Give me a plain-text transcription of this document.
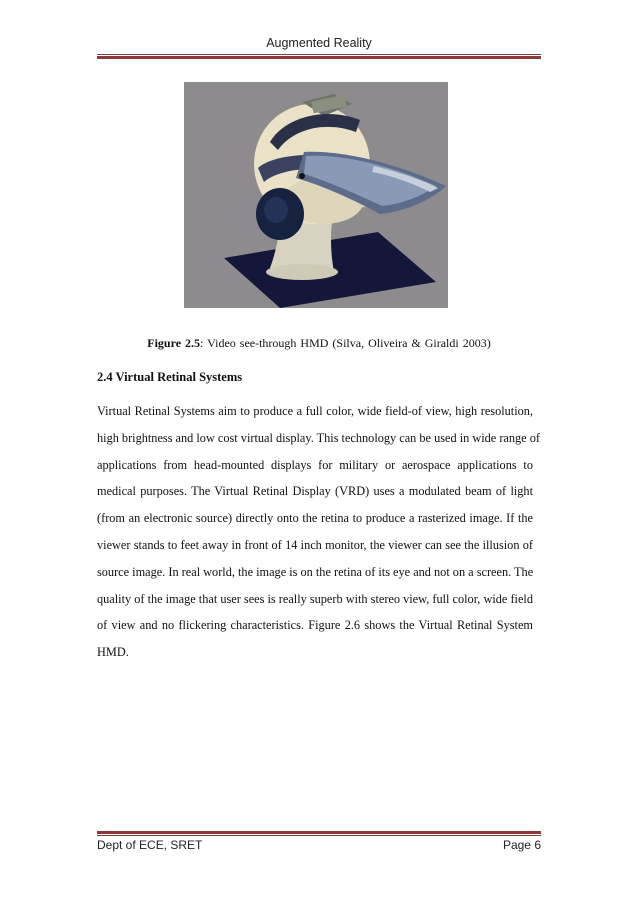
Augmented Reality
Figure 2.5: Video see-through HMD (Silva, Oliveira & Giraldi 2003)
2.4 Virtual Retinal Systems
Virtual Retinal Systems aim to produce a full color, wide field-of view, high resolution,
high brightness and low cost virtual display. This technology can be used in wide range of
applications from head-mounted displays for military or aerospace applications to
medical purposes. The Virtual Retinal Display (VRD) uses a modulated beam of light
(from an electronic source) directly onto the retina to produce a rasterized image. If the
viewer stands to feet away in front of 14 inch monitor, the viewer can see the illusion of
source image. In real world, the image is on the retina of its eye and not on a screen. The
quality of the image that user sees is really superb with stereo view, full color, wide field
of view and no flickering characteristics. Figure 2.6 shows the Virtual Retinal System
HMD.
Dept of ECE, SRET	Page 6
